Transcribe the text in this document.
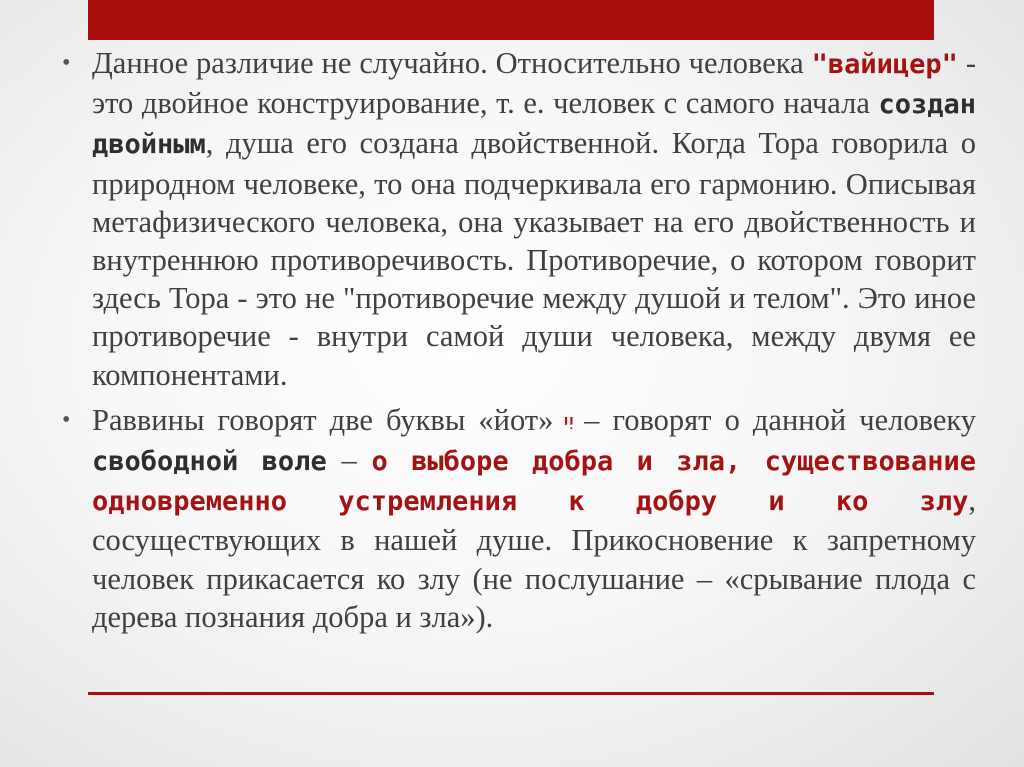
• Данное различие не случайно. Относительно человека "вайицер" - это двойное конструирование, т. е. человек с самого начала создан двойным, душа его создана двойственной. Когда Тора говорила о природном человеке, то она подчеркивала его гармонию. Описывая метафизического человека, она указывает на его двойственность и внутреннюю противоречивость. Противоречие, о котором говорит здесь Тора - это не "противоречие между душой и телом". Это иное противоречие - внутри самой души человека, между двумя ее компонентами.
• Раввины говорят две буквы «йот» יִי – говорят о данной человеку свободной воле – о выборе добра и зла, существование одновременно устремления к добру и ко злу, сосуществующих в нашей душе. Прикосновение к запретному человек прикасается ко злу (не послушание – «срывание плода с дерева познания добра и зла»).
